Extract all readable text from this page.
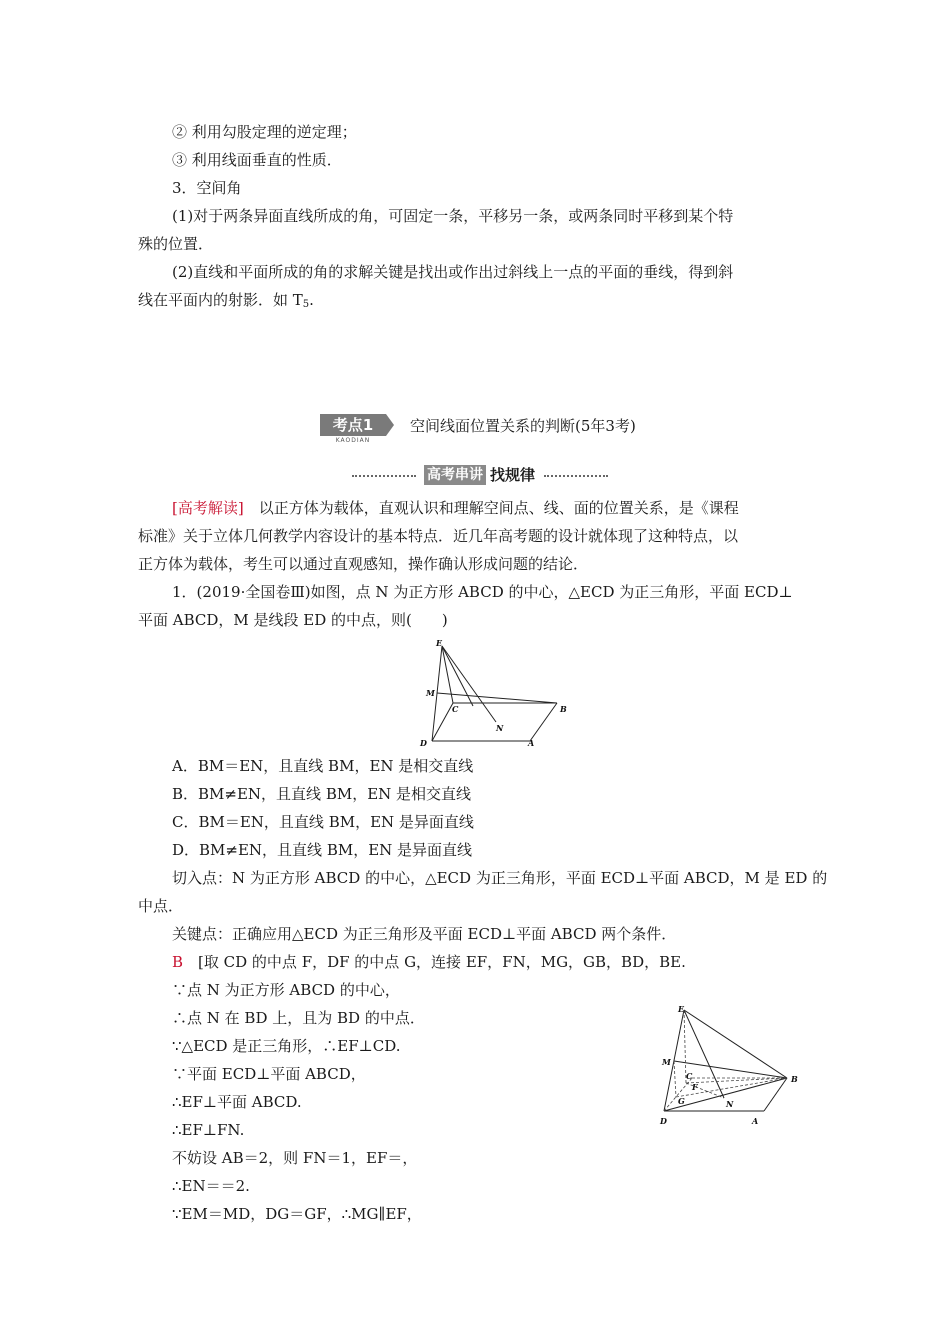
② 利用勾股定理的逆定理；
③ 利用线面垂直的性质．
3．空间角
(1)对于两条异面直线所成的角，可固定一条，平移另一条，或两条同时平移到某个特
殊的位置．
(2)直线和平面所成的角的求解关键是找出或作出过斜线上一点的平面的垂线，得到斜
线在平面内的射影．如 $T_5$.
考点1
KAODIAN
空间线面位置关系的判断(5年3考)
高考串讲 找规律
[高考解读]　以正方体为载体，直观认识和理解空间点、线、面的位置关系，是《课程
标准》关于立体几何教学内容设计的基本特点．近几年高考题的设计就体现了这种特点，以
正方体为载体，考生可以通过直观感知，操作确认形成问题的结论．
1．(2019·全国卷Ⅲ)如图，点 N 为正方形 ABCD 的中心，△ECD 为正三角形，平面 ECD⊥
平面 ABCD，M 是线段 ED 的中点，则(　　)
E
M
C
N
B
D	A
A．BM＝EN，且直线 BM，EN 是相交直线
B．BM≠EN，且直线 BM，EN 是相交直线
C．BM＝EN，且直线 BM，EN 是异面直线
D．BM≠EN，且直线 BM，EN 是异面直线
切入点：N 为正方形 ABCD 的中心，△ECD 为正三角形，平面 ECD⊥平面 ABCD，M 是 ED 的
中点．
关键点：正确应用△ECD 为正三角形及平面 ECD⊥平面 ABCD 两个条件．
B　[取 CD 的中点 F，DF 的中点 G，连接 EF，FN，MG，GB，BD，BE.
∵点 N 为正方形 ABCD 的中心，
∴点 N 在 BD 上，且为 BD 的中点．
∵△ECD 是正三角形，∴EF⊥CD.
∵平面 ECD⊥平面 ABCD，
∴EF⊥平面 ABCD.
∴EF⊥FN.
不妨设 AB＝2，则 FN＝1，EF＝，
∴EN＝＝2.
∵EM＝MD，DG＝GF，∴MG∥EF，
E
M
C
F
G	N
B
D	A
